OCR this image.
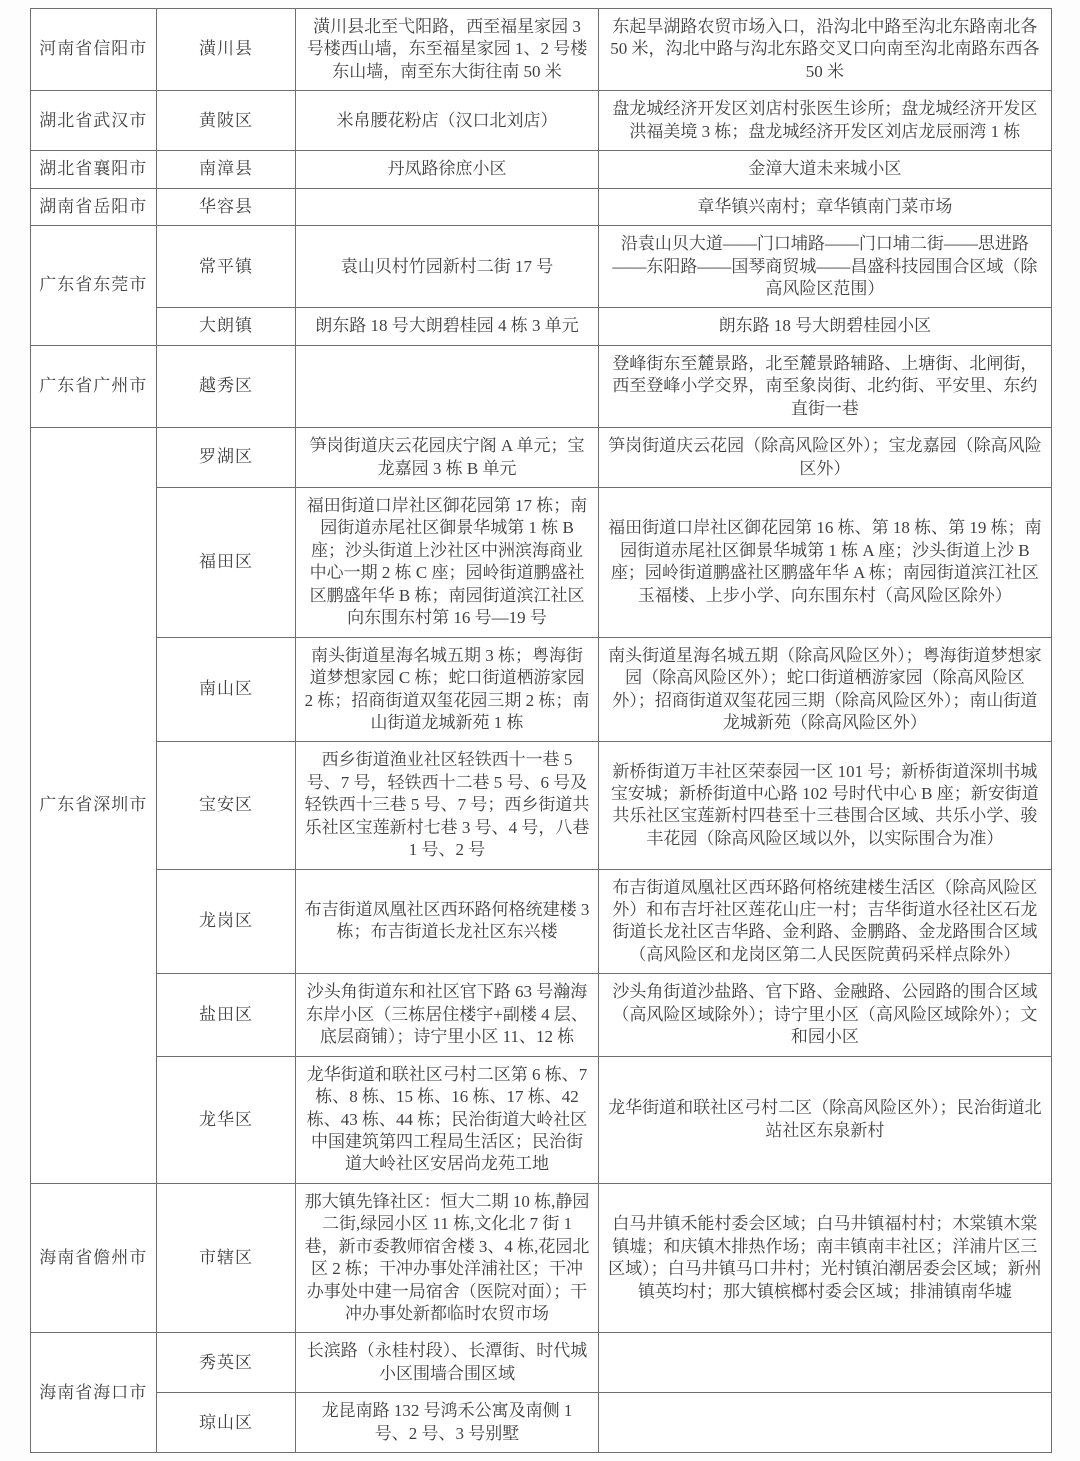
河南省信阳市	潢川县	潢川县北至弋阳路，西至福星家园 3 号楼西山墙，东至福星家园 1、2 号楼东山墙，南至东大街往南 50 米	东起旱湖路农贸市场入口，沿沟北中路至沟北东路南北各 50 米，沟北中路与沟北东路交叉口向南至沟北南路东西各 50 米
湖北省武汉市	黄陂区	米帛腰花粉店（汉口北刘店）	盘龙城经济开发区刘店村张医生诊所；盘龙城经济开发区洪福美境 3 栋；盘龙城经济开发区刘店龙辰丽湾 1 栋
湖北省襄阳市	南漳县	丹凤路徐庶小区	金漳大道未来城小区
湖南省岳阳市	华容县		章华镇兴南村；章华镇南门菜市场
广东省东莞市	常平镇	袁山贝村竹园新村二街 17 号	沿袁山贝大道——门口埔路——门口埔二街——思进路——东阳路——国琴商贸城——昌盛科技园围合区域（除高风险区范围）
	大朗镇	朗东路 18 号大朗碧桂园 4 栋 3 单元	朗东路 18 号大朗碧桂园小区
广东省广州市	越秀区		登峰街东至麓景路，北至麓景路辅路、上塘街、北闸街，西至登峰小学交界，南至象岗街、北约街、平安里、东约直街一巷
广东省深圳市	罗湖区	笋岗街道庆云花园庆宁阁 A 单元；宝龙嘉园 3 栋 B 单元	笋岗街道庆云花园（除高风险区外）；宝龙嘉园（除高风险区外）
	福田区	福田街道口岸社区御花园第 17 栋；南园街道赤尾社区御景华城第 1 栋 B 座；沙头街道上沙社区中洲滨海商业中心一期 2 栋 C 座；园岭街道鹏盛社区鹏盛年华 B 栋；南园街道滨江社区向东围东村第 16 号—19 号	福田街道口岸社区御花园第 16 栋、第 18 栋、第 19 栋；南园街道赤尾社区御景华城第 1 栋 A 座；沙头街道上沙 B 座；园岭街道鹏盛社区鹏盛年华 A 栋；南园街道滨江社区玉福楼、上步小学、向东围东村（高风险区除外）
	南山区	南头街道星海名城五期 3 栋；粤海街道梦想家园 C 栋；蛇口街道栖游家园 2 栋；招商街道双玺花园三期 2 栋；南山街道龙城新苑 1 栋	南头街道星海名城五期（除高风险区外）；粤海街道梦想家园（除高风险区外）；蛇口街道栖游家园（除高风险区外）；招商街道双玺花园三期（除高风险区外）；南山街道龙城新苑（除高风险区外）
	宝安区	西乡街道渔业社区轻铁西十一巷 5 号、7 号，轻铁西十二巷 5 号、6 号及轻铁西十三巷 5 号、7 号；西乡街道共乐社区宝莲新村七巷 3 号、4 号，八巷 1 号、2 号	新桥街道万丰社区荣泰园一区 101 号；新桥街道深圳书城宝安城；新桥街道中心路 102 号时代中心 B 座；新安街道共乐社区宝莲新村四巷至十三巷围合区域、共乐小学、骏丰花园（除高风险区域以外，以实际围合为准）
	龙岗区	布吉街道凤凰社区西环路何格统建楼 3 栋；布吉街道长龙社区东兴楼	布吉街道凤凰社区西环路何格统建楼生活区（除高风险区外）和布吉圩社区莲花山庄一村；吉华街道水径社区石龙街道长龙社区吉华路、金利路、金鹏路、金龙路围合区域（高风险区和龙岗区第二人民医院黄码采样点除外）
	盐田区	沙头角街道东和社区官下路 63 号瀚海东岸小区（三栋居住楼宇+副楼 4 层、底层商铺）；诗宁里小区 11、12 栋	沙头角街道沙盐路、官下路、金融路、公园路的围合区域（高风险区域除外）；诗宁里小区（高风险区域除外）；文和园小区
	龙华区	龙华街道和联社区弓村二区第 6 栋、7 栋、8 栋、15 栋、16 栋、17 栋、42 栋、43 栋、44 栋；民治街道大岭社区中国建筑第四工程局生活区；民治街道大岭社区安居尚龙苑工地	龙华街道和联社区弓村二区（除高风险区外）；民治街道北站社区东泉新村
海南省儋州市	市辖区	那大镇先锋社区：恒大二期 10 栋,静园二街,绿园小区 11 栋,文化北 7 街 1 巷，新市委教师宿舍楼 3、4 栋,花园北区 2 栋；干冲办事处洋浦社区；干冲办事处中建一局宿舍（医院对面）；干冲办事处新都临时农贸市场	白马井镇禾能村委会区域；白马井镇福村村；木棠镇木棠镇墟；和庆镇木排热作场；南丰镇南丰社区；洋浦片区三区域）；白马井镇马口井村；光村镇泊潮居委会区域；新州镇英均村；那大镇槟榔村委会区域；排浦镇南华墟
海南省海口市	秀英区	长滨路（永桂村段）、长潭街、时代城小区围墙合围区域	
	琼山区	龙昆南路 132 号鸿禾公寓及南侧 1 号、2 号、3 号别墅	
